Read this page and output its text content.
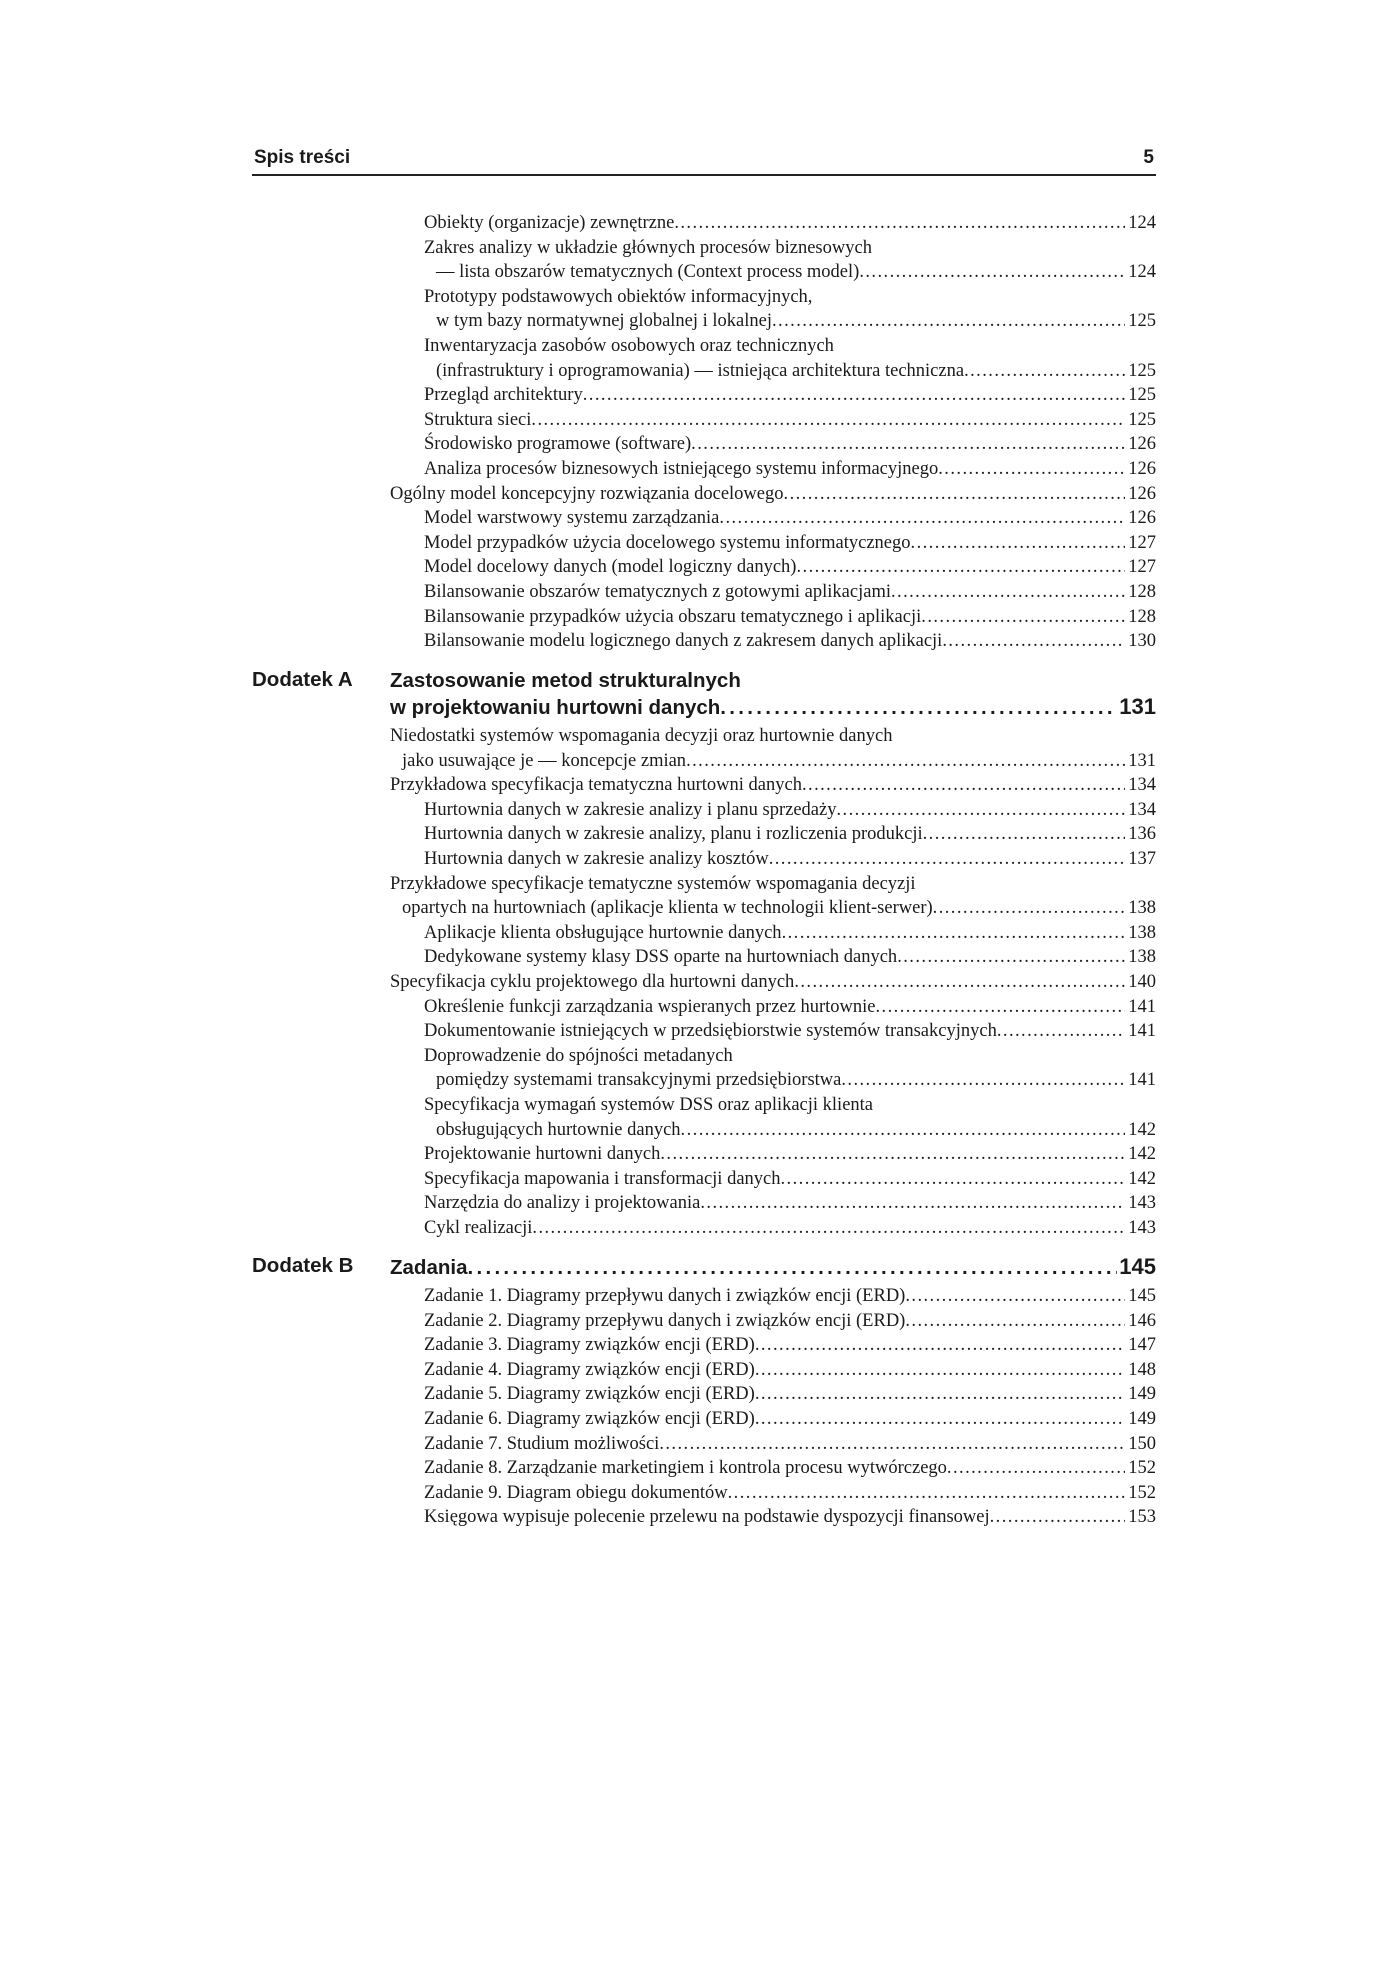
Spis treści	5
Obiekty (organizacje) zewnętrzne . . .	124
Zakres analizy w układzie głównych procesów biznesowych
— lista obszarów tematycznych (Context process model) . . .	124
Prototypy podstawowych obiektów informacyjnych,
w tym bazy normatywnej globalnej i lokalnej . . .	125
Inwentaryzacja zasobów osobowych oraz technicznych
(infrastruktury i oprogramowania) — istniejąca architektura techniczna . . .	125
Przegląd architektury . . .	125
Struktura sieci . . .	125
Środowisko programowe (software) . . .	126
Analiza procesów biznesowych istniejącego systemu informacyjnego . . .	126
Ogólny model koncepcyjny rozwiązania docelowego . . .	126
Model warstwowy systemu zarządzania . . .	126
Model przypadków użycia docelowego systemu informatycznego . . .	127
Model docelowy danych (model logiczny danych) . . .	127
Bilansowanie obszarów tematycznych z gotowymi aplikacjami . . .	128
Bilansowanie przypadków użycia obszaru tematycznego i aplikacji . . .	128
Bilansowanie modelu logicznego danych z zakresem danych aplikacji . . .	130
Dodatek A Zastosowanie metod strukturalnych
w projektowaniu hurtowni danych . . .	131
Niedostatki systemów wspomagania decyzji oraz hurtownie danych
jako usuwające je — koncepcje zmian . . .	131
Przykładowa specyfikacja tematyczna hurtowni danych . . .	134
Hurtownia danych w zakresie analizy i planu sprzedaży . . .	134
Hurtownia danych w zakresie analizy, planu i rozliczenia produkcji . . .	136
Hurtownia danych w zakresie analizy kosztów . . .	137
Przykładowe specyfikacje tematyczne systemów wspomagania decyzji
opartych na hurtowniach (aplikacje klienta w technologii klient-serwer) . . .	138
Aplikacje klienta obsługujące hurtownie danych . . .	138
Dedykowane systemy klasy DSS oparte na hurtowniach danych . . .	138
Specyfikacja cyklu projektowego dla hurtowni danych . . .	140
Określenie funkcji zarządzania wspieranych przez hurtownie . . .	141
Dokumentowanie istniejących w przedsiębiorstwie systemów transakcyjnych . . .	141
Doprowadzenie do spójności metadanych
pomiędzy systemami transakcyjnymi przedsiębiorstwa . . .	141
Specyfikacja wymagań systemów DSS oraz aplikacji klienta
obsługujących hurtownie danych . . .	142
Projektowanie hurtowni danych . . .	142
Specyfikacja mapowania i transformacji danych . . .	142
Narzędzia do analizy i projektowania . . .	143
Cykl realizacji . . .	143
Dodatek B Zadania . . .	145
Zadanie 1. Diagramy przepływu danych i związków encji (ERD) . . .	145
Zadanie 2. Diagramy przepływu danych i związków encji (ERD) . . .	146
Zadanie 3. Diagramy związków encji (ERD) . . .	147
Zadanie 4. Diagramy związków encji (ERD) . . .	148
Zadanie 5. Diagramy związków encji (ERD) . . .	149
Zadanie 6. Diagramy związków encji (ERD) . . .	149
Zadanie 7. Studium możliwości . . .	150
Zadanie 8. Zarządzanie marketingiem i kontrola procesu wytwórczego . . .	152
Zadanie 9. Diagram obiegu dokumentów . . .	152
Księgowa wypisuje polecenie przelewu na podstawie dyspozycji finansowej . . .	153
